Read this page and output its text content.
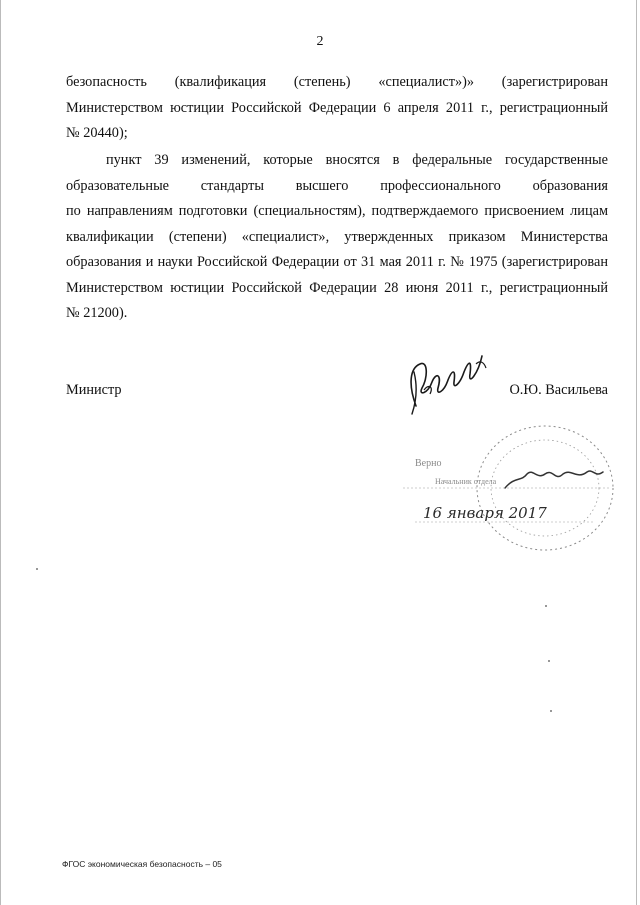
2
безопасность (квалификация (степень) «специалист»)» (зарегистрирован
Министерством юстиции Российской Федерации 6 апреля 2011 г., регистрационный
№ 20440);
пункт 39 изменений, которые вносятся в федеральные государственные
образовательные стандарты высшего профессионального образования
по направлениям подготовки (специальностям), подтверждаемого присвоением лицам
квалификации (степени) «специалист», утвержденных приказом Министерства
образования и науки Российской Федерации от 31 мая 2011 г. № 1975 (зарегистрирован
Министерством юстиции Российской Федерации 28 июня 2011 г., регистрационный
№ 21200).
Министр	О.Ю. Васильева
Верно
Начальник отдела
16 января 2017
ФГОС экономическая безопасность – 05
